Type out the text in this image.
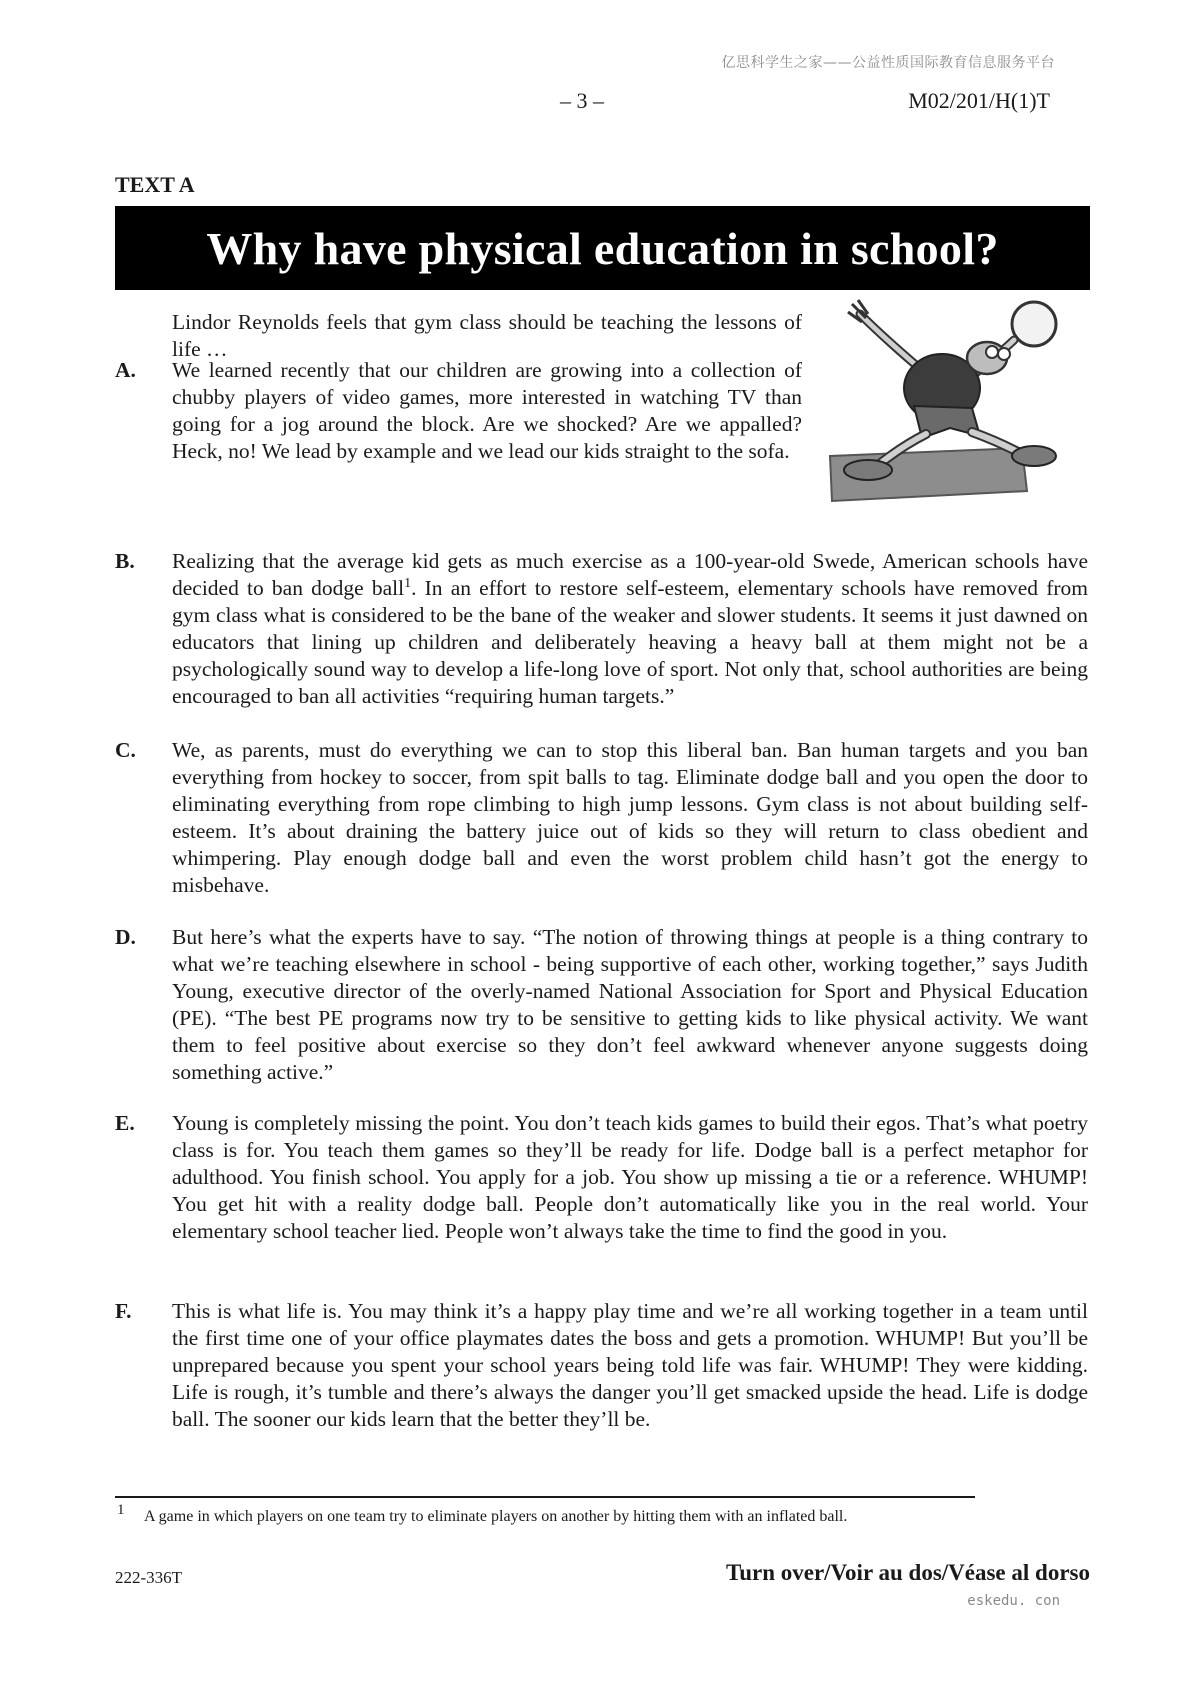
亿思科学生之家——公益性质国际教育信息服务平台
– 3 –	M02/201/H(1)T
TEXT A
Why have physical education in school?
Lindor Reynolds feels that gym class should be teaching the lessons of life …
A. We learned recently that our children are growing into a collection of chubby players of video games, more interested in watching TV than going for a jog around the block. Are we shocked? Are we appalled? Heck, no! We lead by example and we lead our kids straight to the sofa.
B. Realizing that the average kid gets as much exercise as a 100-year-old Swede, American schools have decided to ban dodge ball$^1$. In an effort to restore self-esteem, elementary schools have removed from gym class what is considered to be the bane of the weaker and slower students. It seems it just dawned on educators that lining up children and deliberately heaving a heavy ball at them might not be a psychologically sound way to develop a life-long love of sport. Not only that, school authorities are being encouraged to ban all activities “requiring human targets.”
C. We, as parents, must do everything we can to stop this liberal ban. Ban human targets and you ban everything from hockey to soccer, from spit balls to tag. Eliminate dodge ball and you open the door to eliminating everything from rope climbing to high jump lessons. Gym class is not about building self-esteem. It’s about draining the battery juice out of kids so they will return to class obedient and whimpering. Play enough dodge ball and even the worst problem child hasn’t got the energy to misbehave.
D. But here’s what the experts have to say. “The notion of throwing things at people is a thing contrary to what we’re teaching elsewhere in school - being supportive of each other, working together,” says Judith Young, executive director of the overly-named National Association for Sport and Physical Education (PE). “The best PE programs now try to be sensitive to getting kids to like physical activity. We want them to feel positive about exercise so they don’t feel awkward whenever anyone suggests doing something active.”
E. Young is completely missing the point. You don’t teach kids games to build their egos. That’s what poetry class is for. You teach them games so they’ll be ready for life. Dodge ball is a perfect metaphor for adulthood. You finish school. You apply for a job. You show up missing a tie or a reference. WHUMP! You get hit with a reality dodge ball. People don’t automatically like you in the real world. Your elementary school teacher lied. People won’t always take the time to find the good in you.
F. This is what life is. You may think it’s a happy play time and we’re all working together in a team until the first time one of your office playmates dates the boss and gets a promotion. WHUMP! But you’ll be unprepared because you spent your school years being told life was fair. WHUMP! They were kidding. Life is rough, it’s tumble and there’s always the danger you’ll get smacked upside the head. Life is dodge ball. The sooner our kids learn that the better they’ll be.
1 A game in which players on one team try to eliminate players on another by hitting them with an inflated ball.
222-336T	Turn over/Voir au dos/Véase al dorso
eskedu. con
